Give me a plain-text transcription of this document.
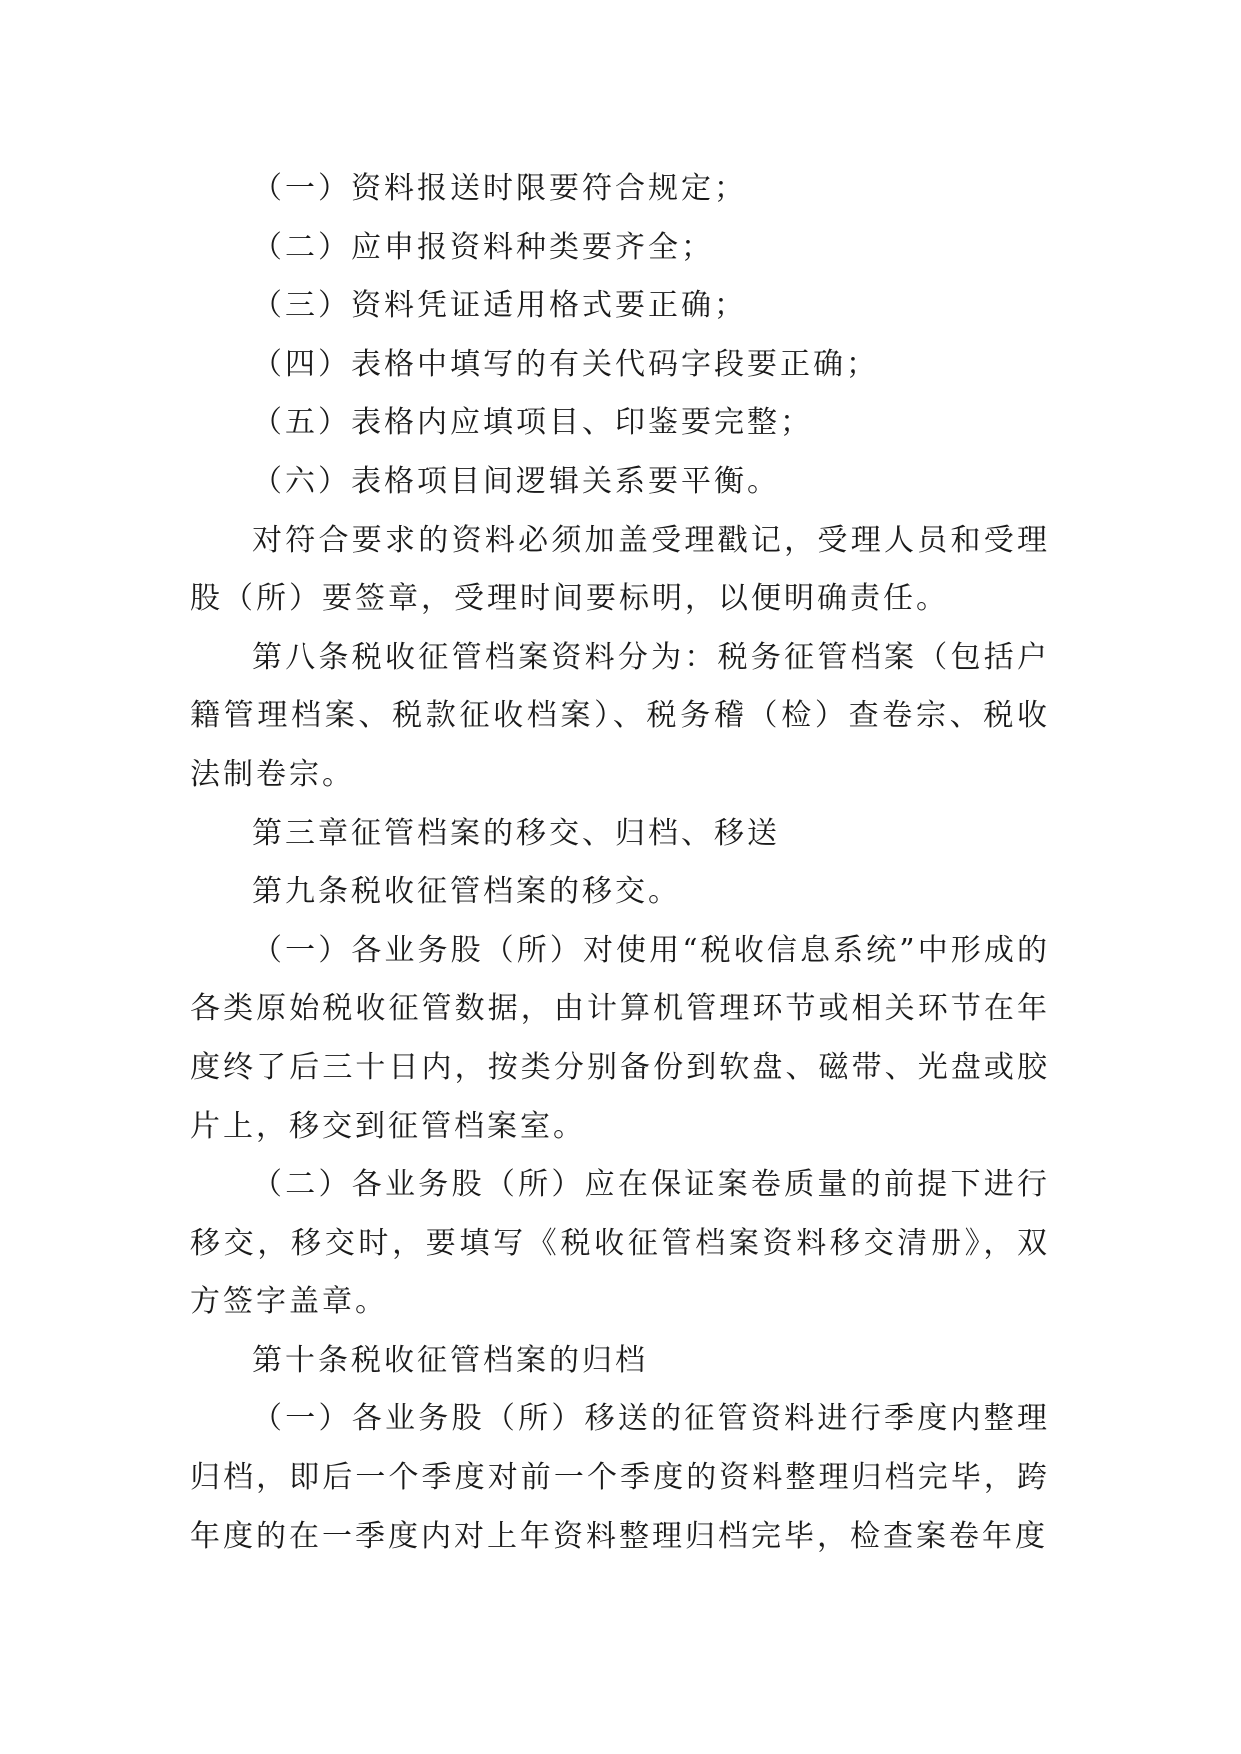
（一）资料报送时限要符合规定；

（二）应申报资料种类要齐全；

（三）资料凭证适用格式要正确；

（四）表格中填写的有关代码字段要正确；

（五）表格内应填项目、印鉴要完整；

（六）表格项目间逻辑关系要平衡。

对符合要求的资料必须加盖受理戳记，受理人员和受理股（所）要签章，受理时间要标明，以便明确责任。

第八条税收征管档案资料分为：税务征管档案（包括户籍管理档案、税款征收档案）、税务稽（检）查卷宗、税收法制卷宗。

第三章征管档案的移交、归档、移送

第九条税收征管档案的移交。

（一）各业务股（所）对使用“税收信息系统”中形成的各类原始税收征管数据，由计算机管理环节或相关环节在年度终了后三十日内，按类分别备份到软盘、磁带、光盘或胶片上，移交到征管档案室。

（二）各业务股（所）应在保证案卷质量的前提下进行移交，移交时，要填写《税收征管档案资料移交清册》，双方签字盖章。

第十条税收征管档案的归档

（一）各业务股（所）移送的征管资料进行季度内整理归档，即后一个季度对前一个季度的资料整理归档完毕，跨年度的在一季度内对上年资料整理归档完毕，检查案卷年度
